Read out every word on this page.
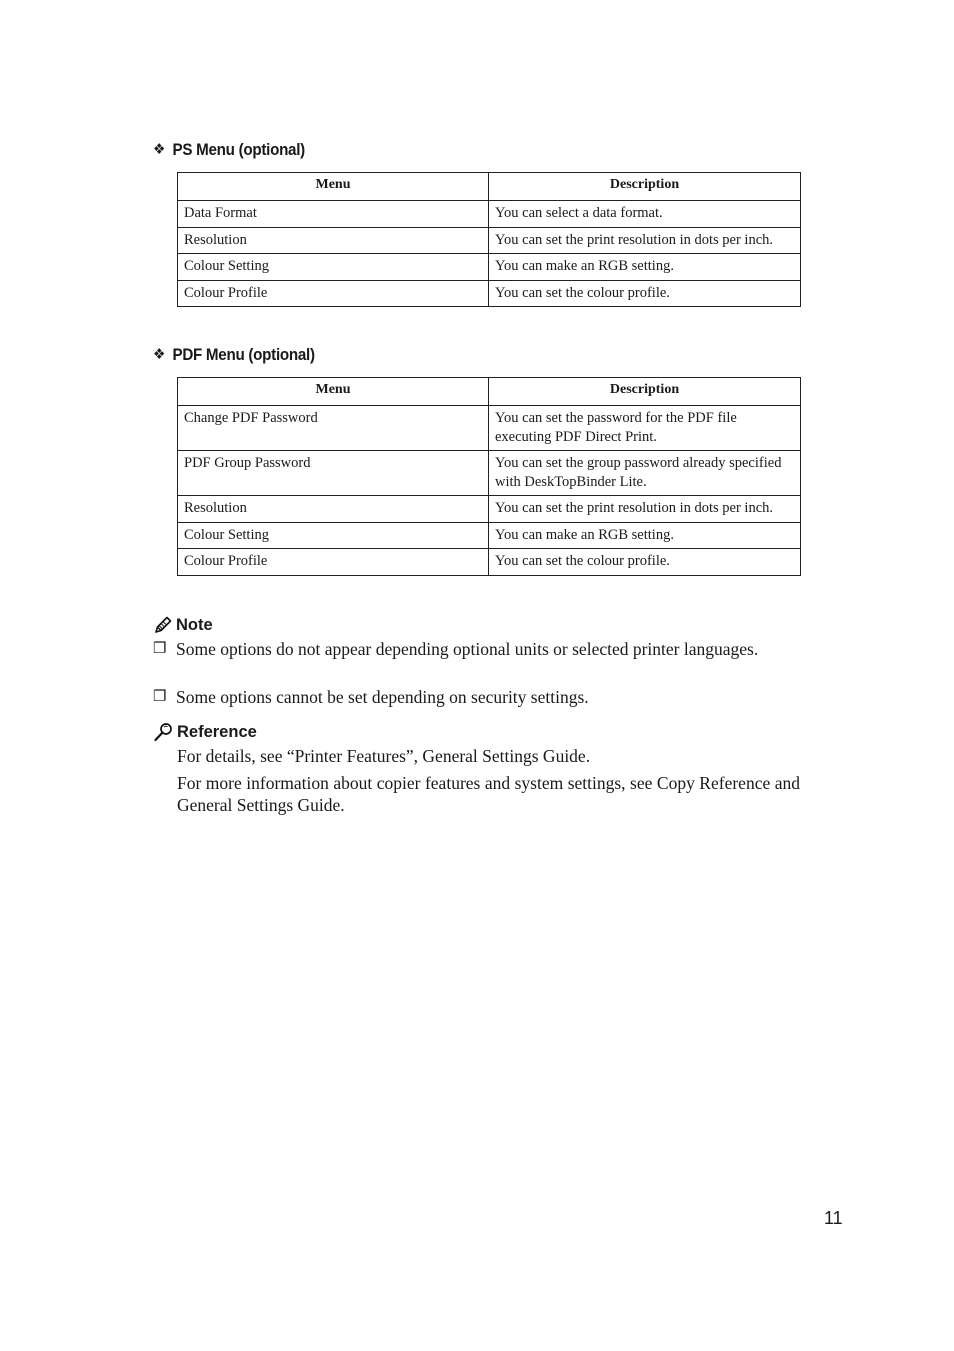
❖ PS Menu (optional)
Menu	Description
Data Format	You can select a data format.
Resolution	You can set the print resolution in dots per inch.
Colour Setting	You can make an RGB setting.
Colour Profile	You can set the colour profile.
❖ PDF Menu (optional)
Menu	Description
Change PDF Password	You can set the password for the PDF file executing PDF Direct Print.
PDF Group Password	You can set the group password already specified with DeskTopBinder Lite.
Resolution	You can set the print resolution in dots per inch.
Colour Setting	You can make an RGB setting.
Colour Profile	You can set the colour profile.
Note
❒ Some options do not appear depending optional units or selected printer languages.
❒ Some options cannot be set depending on security settings.
Reference
For details, see “Printer Features”, General Settings Guide.
For more information about copier features and system settings, see Copy Reference and General Settings Guide.
11
